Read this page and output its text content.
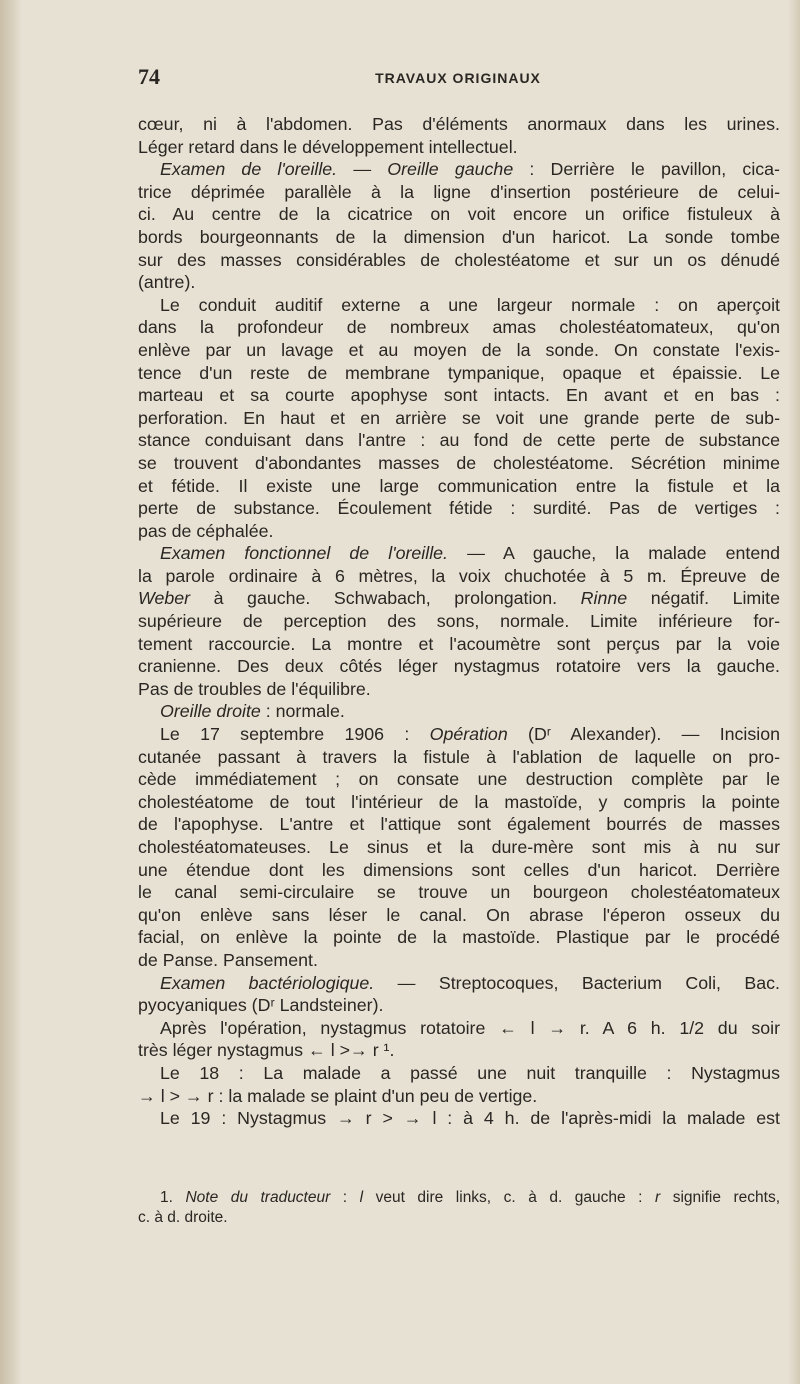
74	TRAVAUX ORIGINAUX
cœur, ni à l'abdomen. Pas d'éléments anormaux dans les urines.
Léger retard dans le développement intellectuel.
Examen de l'oreille. — Oreille gauche : Derrière le pavillon, cica-
trice déprimée parallèle à la ligne d'insertion postérieure de celui-
ci. Au centre de la cicatrice on voit encore un orifice fistuleux à
bords bourgeonnants de la dimension d'un haricot. La sonde tombe
sur des masses considérables de cholestéatome et sur un os dénudé
(antre).
Le conduit auditif externe a une largeur normale : on aperçoit
dans la profondeur de nombreux amas cholestéatomateux, qu'on
enlève par un lavage et au moyen de la sonde. On constate l'exis-
tence d'un reste de membrane tympanique, opaque et épaissie. Le
marteau et sa courte apophyse sont intacts. En avant et en bas :
perforation. En haut et en arrière se voit une grande perte de sub-
stance conduisant dans l'antre : au fond de cette perte de substance
se trouvent d'abondantes masses de cholestéatome. Sécrétion minime
et fétide. Il existe une large communication entre la fistule et la
perte de substance. Écoulement fétide : surdité. Pas de vertiges :
pas de céphalée.
Examen fonctionnel de l'oreille. — A gauche, la malade entend
la parole ordinaire à 6 mètres, la voix chuchotée à 5 m. Épreuve de
Weber à gauche. Schwabach, prolongation. Rinne négatif. Limite
supérieure de perception des sons, normale. Limite inférieure for-
tement raccourcie. La montre et l'acoumètre sont perçus par la voie
cranienne. Des deux côtés léger nystagmus rotatoire vers la gauche.
Pas de troubles de l'équilibre.
Oreille droite : normale.
Le 17 septembre 1906 : Opération (Dʳ Alexander). — Incision
cutanée passant à travers la fistule à l'ablation de laquelle on pro-
cède immédiatement ; on consate une destruction complète par le
cholestéatome de tout l'intérieur de la mastoïde, y compris la pointe
de l'apophyse. L'antre et l'attique sont également bourrés de masses
cholestéatomateuses. Le sinus et la dure-mère sont mis à nu sur
une étendue dont les dimensions sont celles d'un haricot. Derrière
le canal semi-circulaire se trouve un bourgeon cholestéatomateux
qu'on enlève sans léser le canal. On abrase l'éperon osseux du
facial, on enlève la pointe de la mastoïde. Plastique par le procédé
de Panse. Pansement.
Examen bactériologique. — Streptocoques, Bacterium Coli, Bac.
pyocyaniques (Dʳ Landsteiner).
Après l'opération, nystagmus rotatoire ← l → r. A 6 h. 1/2 du soir
très léger nystagmus ← l >→ r ¹.
Le 18 : La malade a passé une nuit tranquille : Nystagmus
→ l > → r : la malade se plaint d'un peu de vertige.
Le 19 : Nystagmus → r > → l : à 4 h. de l'après-midi la malade est
1. Note du traducteur : l veut dire links, c. à d. gauche : r signifie rechts,
c. à d. droite.
